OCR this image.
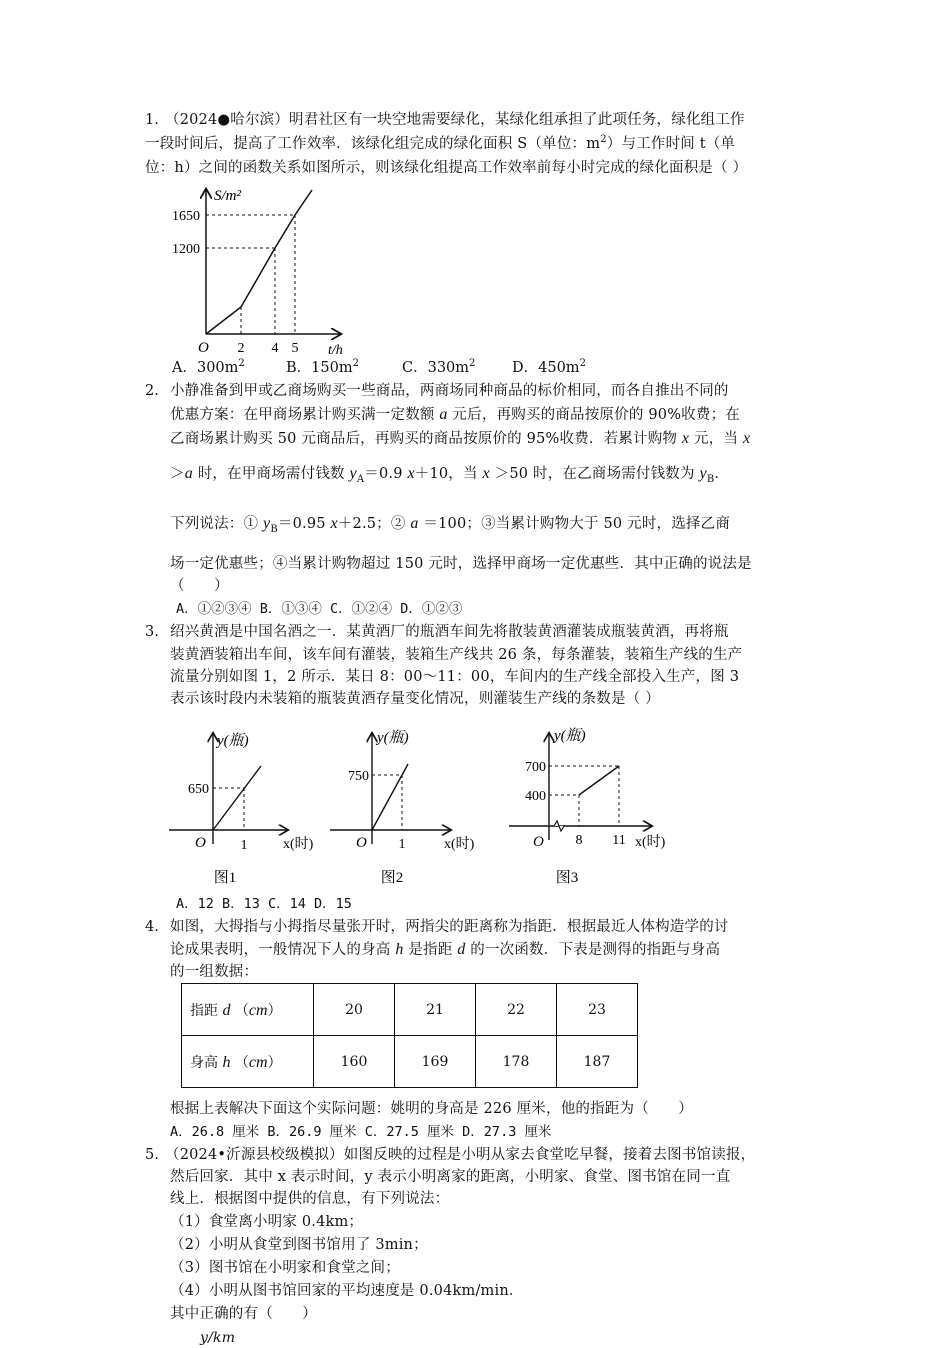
1. （2024●哈尔滨）明君社区有一块空地需要绿化，某绿化组承担了此项任务，绿化组工作
一段时间后，提高了工作效率．该绿化组完成的绿化面积 S（单位：$m^2$）与工作时间 t（单
位：h）之间的函数关系如图所示，则该绿化组提高工作效率前每小时完成的绿化面积是（ ）
S/m²
t/h
O
1650
1200
2 4 5
A．$300m^2$	B．$150m^2$	C．$330m^2$	D．$450m^2$
2. 小静准备到甲或乙商场购买一些商品，两商场同种商品的标价相同，而各自推出不同的
优惠方案：在甲商场累计购买满一定数额 a 元后，再购买的商品按原价的 90%收费；在
乙商场累计购买 50 元商品后，再购买的商品按原价的 95%收费．若累计购物 x 元，当 x
＞a 时，在甲商场需付钱数 $y_A=0.9$ x＋10，当 x ＞50 时，在乙商场需付钱数为 $y_B$．
下列说法：① $y_B=0.95$ x＋2.5；② a ＝100；③当累计购物大于 50 元时，选择乙商
场一定优惠些；④当累计购物超过 150 元时，选择甲商场一定优惠些．其中正确的说法是
（　　）
A．①②③④ B．①③④ C．①②④ D．①②③
3. 绍兴黄酒是中国名酒之一．某黄酒厂的瓶酒车间先将散装黄酒灌装成瓶装黄酒，再将瓶
装黄酒装箱出车间，该车间有灌装，装箱生产线共 26 条，每条灌装，装箱生产线的生产
流量分别如图 1，2 所示．某日 8：00～11：00，车间内的生产线全部投入生产，图 3
表示该时段内未装箱的瓶装黄酒存量变化情况，则灌装生产线的条数是（ ）
y(瓶)
x(时)
O
650
1
图1
y(瓶)
x(时)
O
750
1
图2
y(瓶)
x(时)
O
700
400
8 11
图3
A．12 B．13 C．14 D．15
4. 如图，大拇指与小拇指尽量张开时，两指尖的距离称为指距．根据最近人体构造学的讨
论成果表明，一般情况下人的身高 h 是指距 d 的一次函数．下表是测得的指距与身高
的一组数据：
指距 d （cm）	20	21	22	23
身高 h （cm）	160	169	178	187
根据上表解决下面这个实际问题：姚明的身高是 226 厘米，他的指距为（　　）
A．26.8 厘米 B．26.9 厘米 C．27.5 厘米 D．27.3 厘米
5. （2024•沂源县校级模拟）如图反映的过程是小明从家去食堂吃早餐，接着去图书馆读报，
然后回家．其中 x 表示时间，y 表示小明离家的距离，小明家、食堂、图书馆在同一直
线上．根据图中提供的信息，有下列说法：
（1）食堂离小明家 0.4km；
（2）小明从食堂到图书馆用了 3min；
（3）图书馆在小明家和食堂之间；
（4）小明从图书馆回家的平均速度是 0.04km/min．
其中正确的有（　　）
y/km
